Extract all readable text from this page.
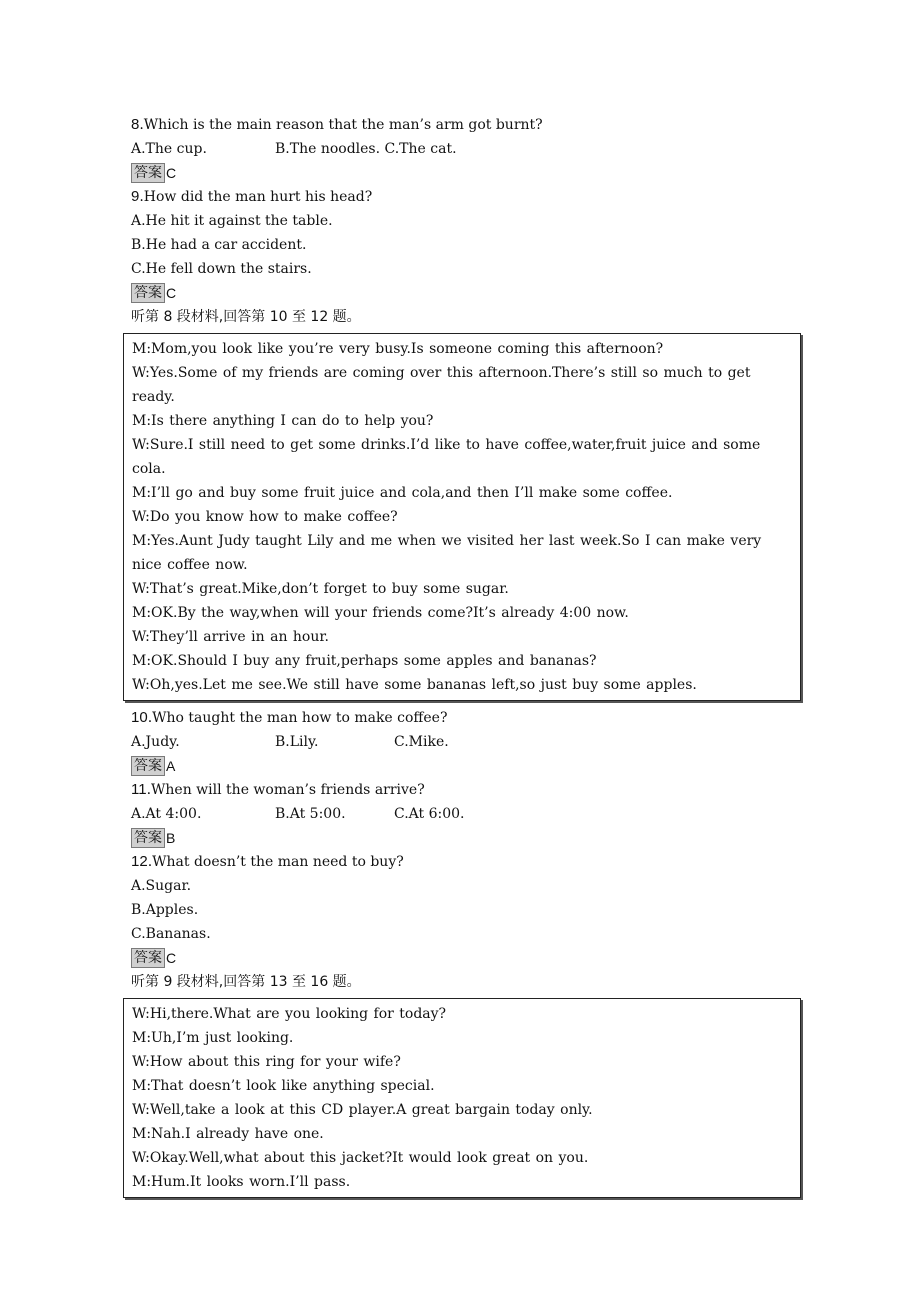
8.Which is the main reason that the man’s arm got burnt?
A.The cup.	B.The noodles. C.The cat.
答案 C
9.How did the man hurt his head?
A.He hit it against the table.
B.He had a car accident.
C.He fell down the stairs.
答案 C
听第 8 段材料,回答第 10 至 12 题。
M:Mom,you look like you’re very busy.Is someone coming this afternoon?
W:Yes.Some of my friends are coming over this afternoon.There’s still so much to get ready.
M:Is there anything I can do to help you?
W:Sure.I still need to get some drinks.I’d like to have coffee,water,fruit juice and some cola.
M:I’ll go and buy some fruit juice and cola,and then I’ll make some coffee.
W:Do you know how to make coffee?
M:Yes.Aunt Judy taught Lily and me when we visited her last week.So I can make very nice coffee now.
W:That’s great.Mike,don’t forget to buy some sugar.
M:OK.By the way,when will your friends come?It’s already 4:00 now.
W:They’ll arrive in an hour.
M:OK.Should I buy any fruit,perhaps some apples and bananas?
W:Oh,yes.Let me see.We still have some bananas left,so just buy some apples.
10.Who taught the man how to make coffee?
A.Judy.	B.Lily.	C.Mike.
答案 A
11.When will the woman’s friends arrive?
A.At 4:00.	B.At 5:00.	C.At 6:00.
答案 B
12.What doesn’t the man need to buy?
A.Sugar.
B.Apples.
C.Bananas.
答案 C
听第 9 段材料,回答第 13 至 16 题。
W:Hi,there.What are you looking for today?
M:Uh,I’m just looking.
W:How about this ring for your wife?
M:That doesn’t look like anything special.
W:Well,take a look at this CD player.A great bargain today only.
M:Nah.I already have one.
W:Okay.Well,what about this jacket?It would look great on you.
M:Hum.It looks worn.I’ll pass.
